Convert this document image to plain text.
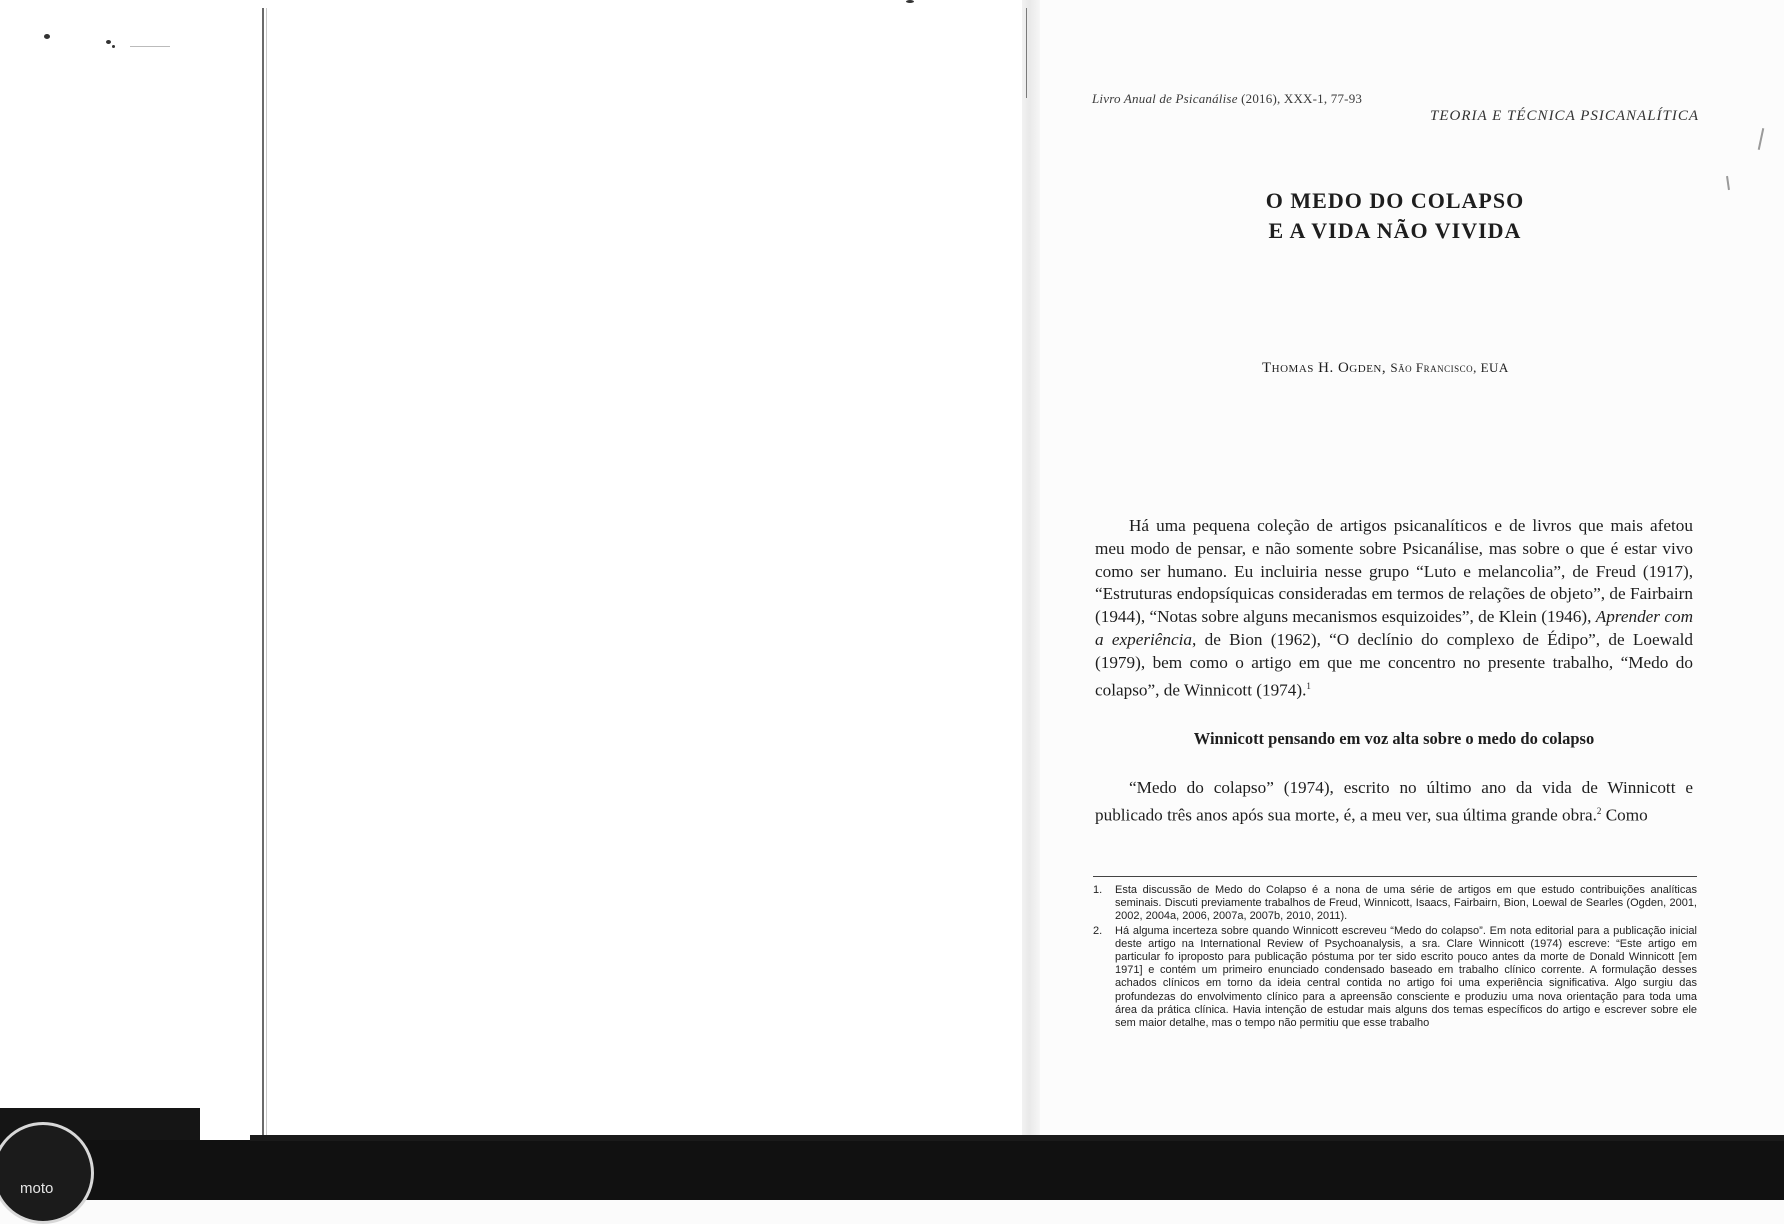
Livro Anual de Psicanálise (2016), XXX-1, 77-93
TEORIA E TÉCNICA PSICANALÍTICA
O MEDO DO COLAPSO
E A VIDA NÃO VIVIDA
Thomas H. Ogden, São Francisco, EUA

Há uma pequena coleção de artigos psicanalíticos e de livros que mais afetou meu modo de pensar, e não somente sobre Psicanálise, mas sobre o que é estar vivo como ser humano. Eu incluiria nesse grupo “Luto e melancolia”, de Freud (1917), “Estruturas endopsíquicas consideradas em termos de relações de objeto”, de Fairbairn (1944), “Notas sobre alguns mecanismos esquizoides”, de Klein (1946), Aprender com a experiência, de Bion (1962), “O declínio do complexo de Édipo”, de Loewald (1979), bem como o artigo em que me concentro no presente trabalho, “Medo do colapso”, de Winnicott (1974).$^1$

Winnicott pensando em voz alta sobre o medo do colapso

“Medo do colapso” (1974), escrito no último ano da vida de Winnicott e publicado três anos após sua morte, é, a meu ver, sua última grande obra.$^2$ Como

1. Esta discussão de Medo do Colapso é a nona de uma série de artigos em que estudo contribuições analíticas seminais. Discuti previamente trabalhos de Freud, Winnicott, Isaacs, Fairbairn, Bion, Loewal de Searles (Ogden, 2001, 2002, 2004a, 2006, 2007a, 2007b, 2010, 2011).
2. Há alguma incerteza sobre quando Winnicott escreveu “Medo do colapso”. Em nota editorial para a publicação inicial deste artigo na International Review of Psychoanalysis, a sra. Clare Winnicott (1974) escreve: “Este artigo em particular fo iproposto para publicação póstuma por ter sido escrito pouco antes da morte de Donald Winnicott [em 1971] e contém um primeiro enunciado condensado baseado em trabalho clínico corrente. A formulação desses achados clínicos em torno da ideia central contida no artigo foi uma experiência significativa. Algo surgiu das profundezas do envolvimento clínico para a apreensão consciente e produziu uma nova orientação para toda uma área da prática clínica. Havia intenção de estudar mais alguns dos temas específicos do artigo e escrever sobre ele sem maior detalhe, mas o tempo não permitiu que esse trabalho
moto
